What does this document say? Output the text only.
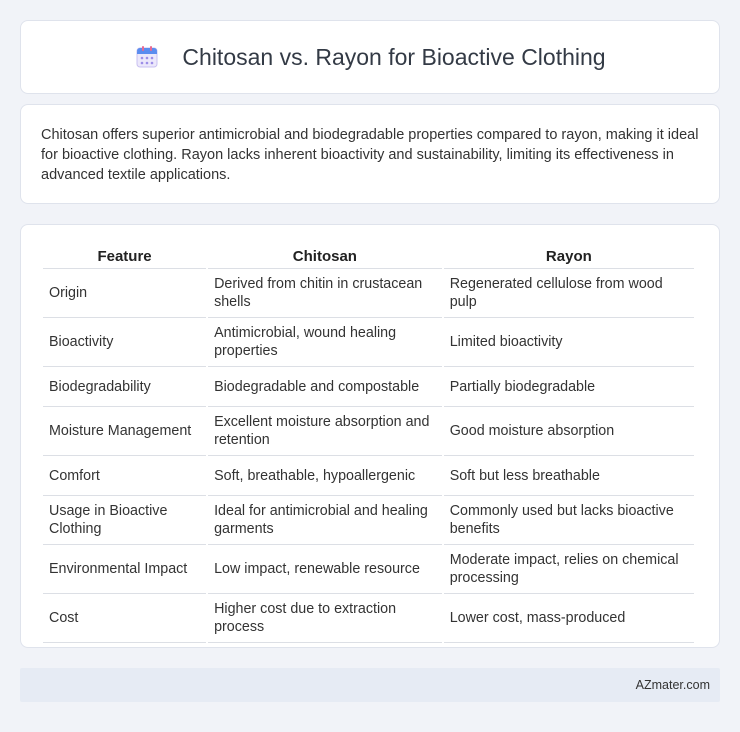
Chitosan vs. Rayon for Bioactive Clothing

Chitosan offers superior antimicrobial and biodegradable properties compared to rayon, making it ideal for bioactive clothing. Rayon lacks inherent bioactivity and sustainability, limiting its effectiveness in advanced textile applications.

Feature	Chitosan	Rayon
Origin	Derived from chitin in crustacean shells	Regenerated cellulose from wood pulp
Bioactivity	Antimicrobial, wound healing properties	Limited bioactivity
Biodegradability	Biodegradable and compostable	Partially biodegradable
Moisture Management	Excellent moisture absorption and retention	Good moisture absorption
Comfort	Soft, breathable, hypoallergenic	Soft but less breathable
Usage in Bioactive Clothing	Ideal for antimicrobial and healing garments	Commonly used but lacks bioactive benefits
Environmental Impact	Low impact, renewable resource	Moderate impact, relies on chemical processing
Cost	Higher cost due to extraction process	Lower cost, mass-produced
AZmater.com
